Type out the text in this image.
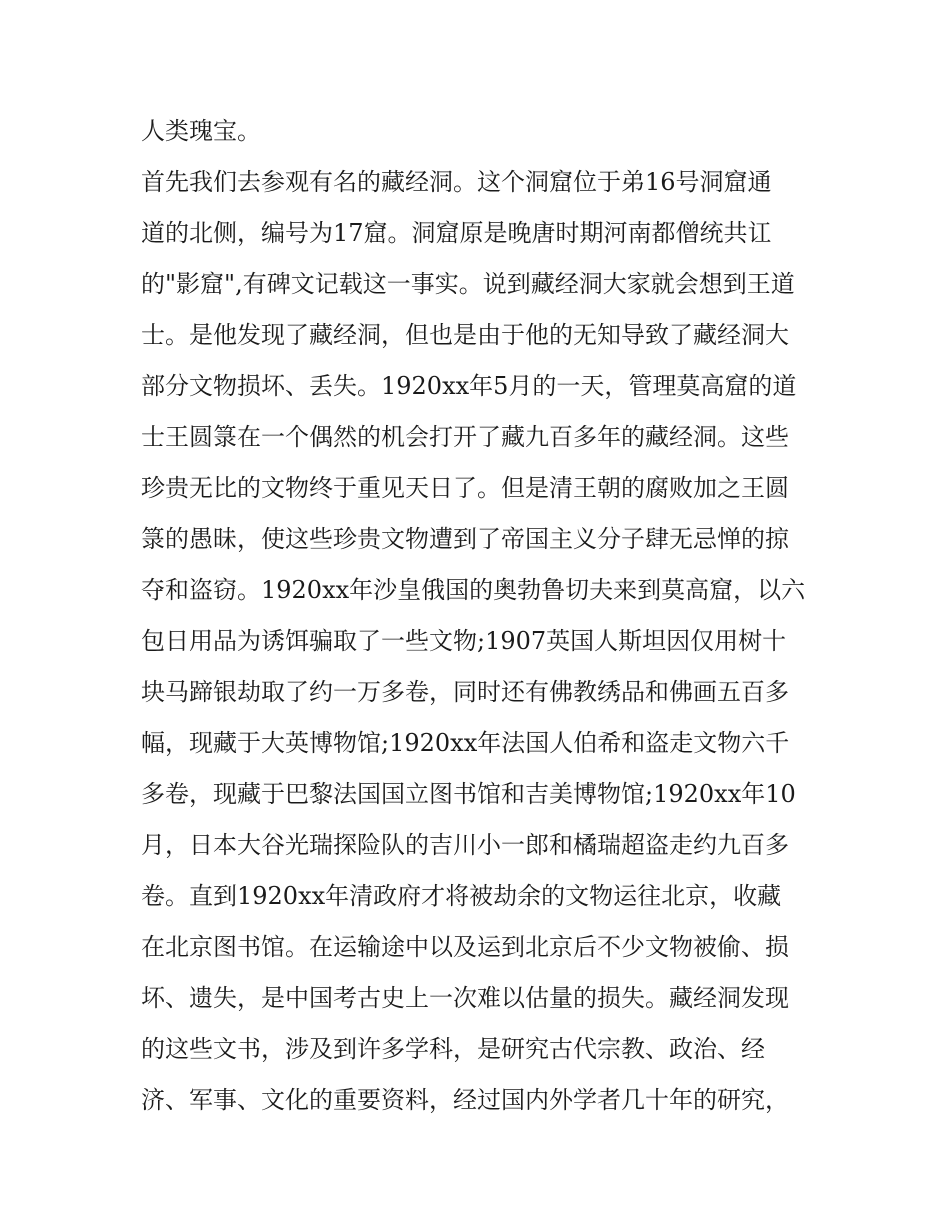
人类瑰宝。
首先我们去参观有名的藏经洞。这个洞窟位于弟16号洞窟通
道的北侧，编号为17窟。洞窟原是晚唐时期河南都僧统共讧
的"影窟",有碑文记载这一事实。说到藏经洞大家就会想到王道
士。是他发现了藏经洞，但也是由于他的无知导致了藏经洞大
部分文物损坏、丢失。1920xx年5月的一天，管理莫高窟的道
士王圆箓在一个偶然的机会打开了藏九百多年的藏经洞。这些
珍贵无比的文物终于重见天日了。但是清王朝的腐败加之王圆
箓的愚昧，使这些珍贵文物遭到了帝国主义分子肆无忌惮的掠
夺和盗窃。1920xx年沙皇俄国的奥勃鲁切夫来到莫高窟，以六
包日用品为诱饵骗取了一些文物;1907英国人斯坦因仅用树十
块马蹄银劫取了约一万多卷，同时还有佛教绣品和佛画五百多
幅，现藏于大英博物馆;1920xx年法国人伯希和盗走文物六千
多卷，现藏于巴黎法国国立图书馆和吉美博物馆;1920xx年10
月，日本大谷光瑞探险队的吉川小一郎和橘瑞超盗走约九百多
卷。直到1920xx年清政府才将被劫余的文物运往北京，收藏
在北京图书馆。在运输途中以及运到北京后不少文物被偷、损
坏、遗失，是中国考古史上一次难以估量的损失。藏经洞发现
的这些文书，涉及到许多学科，是研究古代宗教、政治、经
济、军事、文化的重要资料，经过国内外学者几十年的研究，
